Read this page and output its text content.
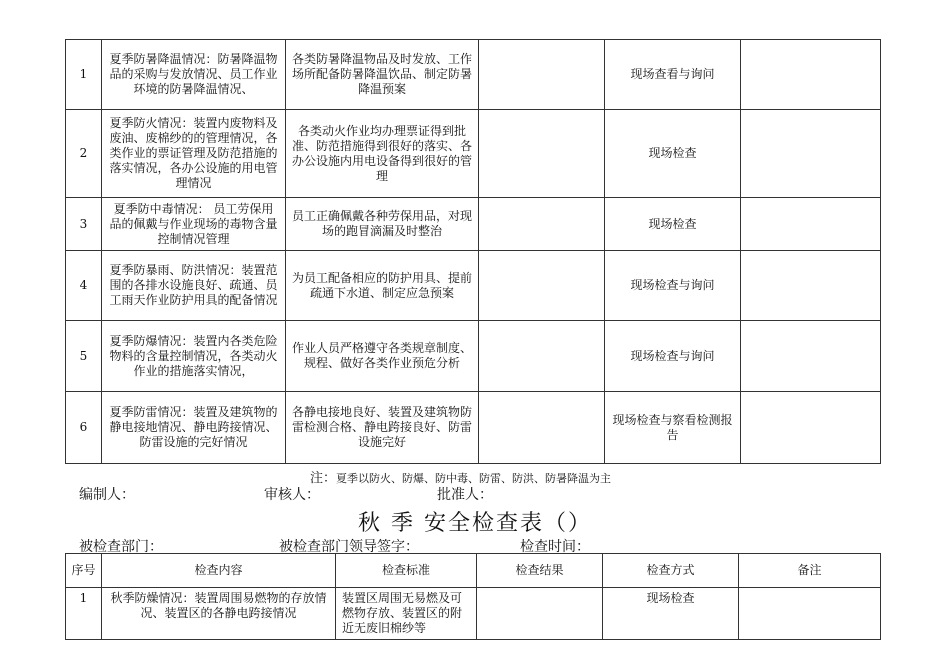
1	夏季防暑降温情况：防暑降温物品的采购与发放情况、员工作业环境的防暑降温情况、	各类防暑降温物品及时发放、工作场所配备防暑降温饮品、制定防暑降温预案		现场查看与询问	
2	夏季防火情况：装置内废物料及废油、废棉纱的的管理情况，各类作业的票证管理及防范措施的落实情况，各办公设施的用电管理情况	各类动火作业均办理票证得到批准、防范措施得到很好的落实、各办公设施内用电设备得到很好的管理		现场检查	
3	夏季防中毒情况： 员工劳保用品的佩戴与作业现场的毒物含量控制情况管理	员工正确佩戴各种劳保用品，对现场的跑冒滴漏及时整治		现场检查	
4	夏季防暴雨、防洪情况：装置范围的各排水设施良好、疏通、员工雨天作业防护用具的配备情况	为员工配备相应的防护用具、提前疏通下水道、制定应急预案		现场检查与询问	
5	夏季防爆情况：装置内各类危险物料的含量控制情况，各类动火作业的措施落实情况，	作业人员严格遵守各类规章制度、规程、做好各类作业预危分析		现场检查与询问	
6	夏季防雷情况：装置及建筑物的静电接地情况、静电跨接情况、防雷设施的完好情况	各静电接地良好、装置及建筑物防雷检测合格、静电跨接良好、防雷设施完好		现场检查与察看检测报告	
注：夏季以防火、防爆、防中毒、防雷、防洪、防暑降温为主
编制人：	审核人：	批准人：
秋 季 安全检查表（）
被检查部门：	被检查部门领导签字：	检查时间：
序号	检查内容	检查标准	检查结果	检查方式	备注
1	秋季防燥情况：装置周围易燃物的存放情况、装置区的各静电跨接情况	装置区周围无易燃及可燃物存放、装置区的附近无废旧棉纱等		现场检查	
